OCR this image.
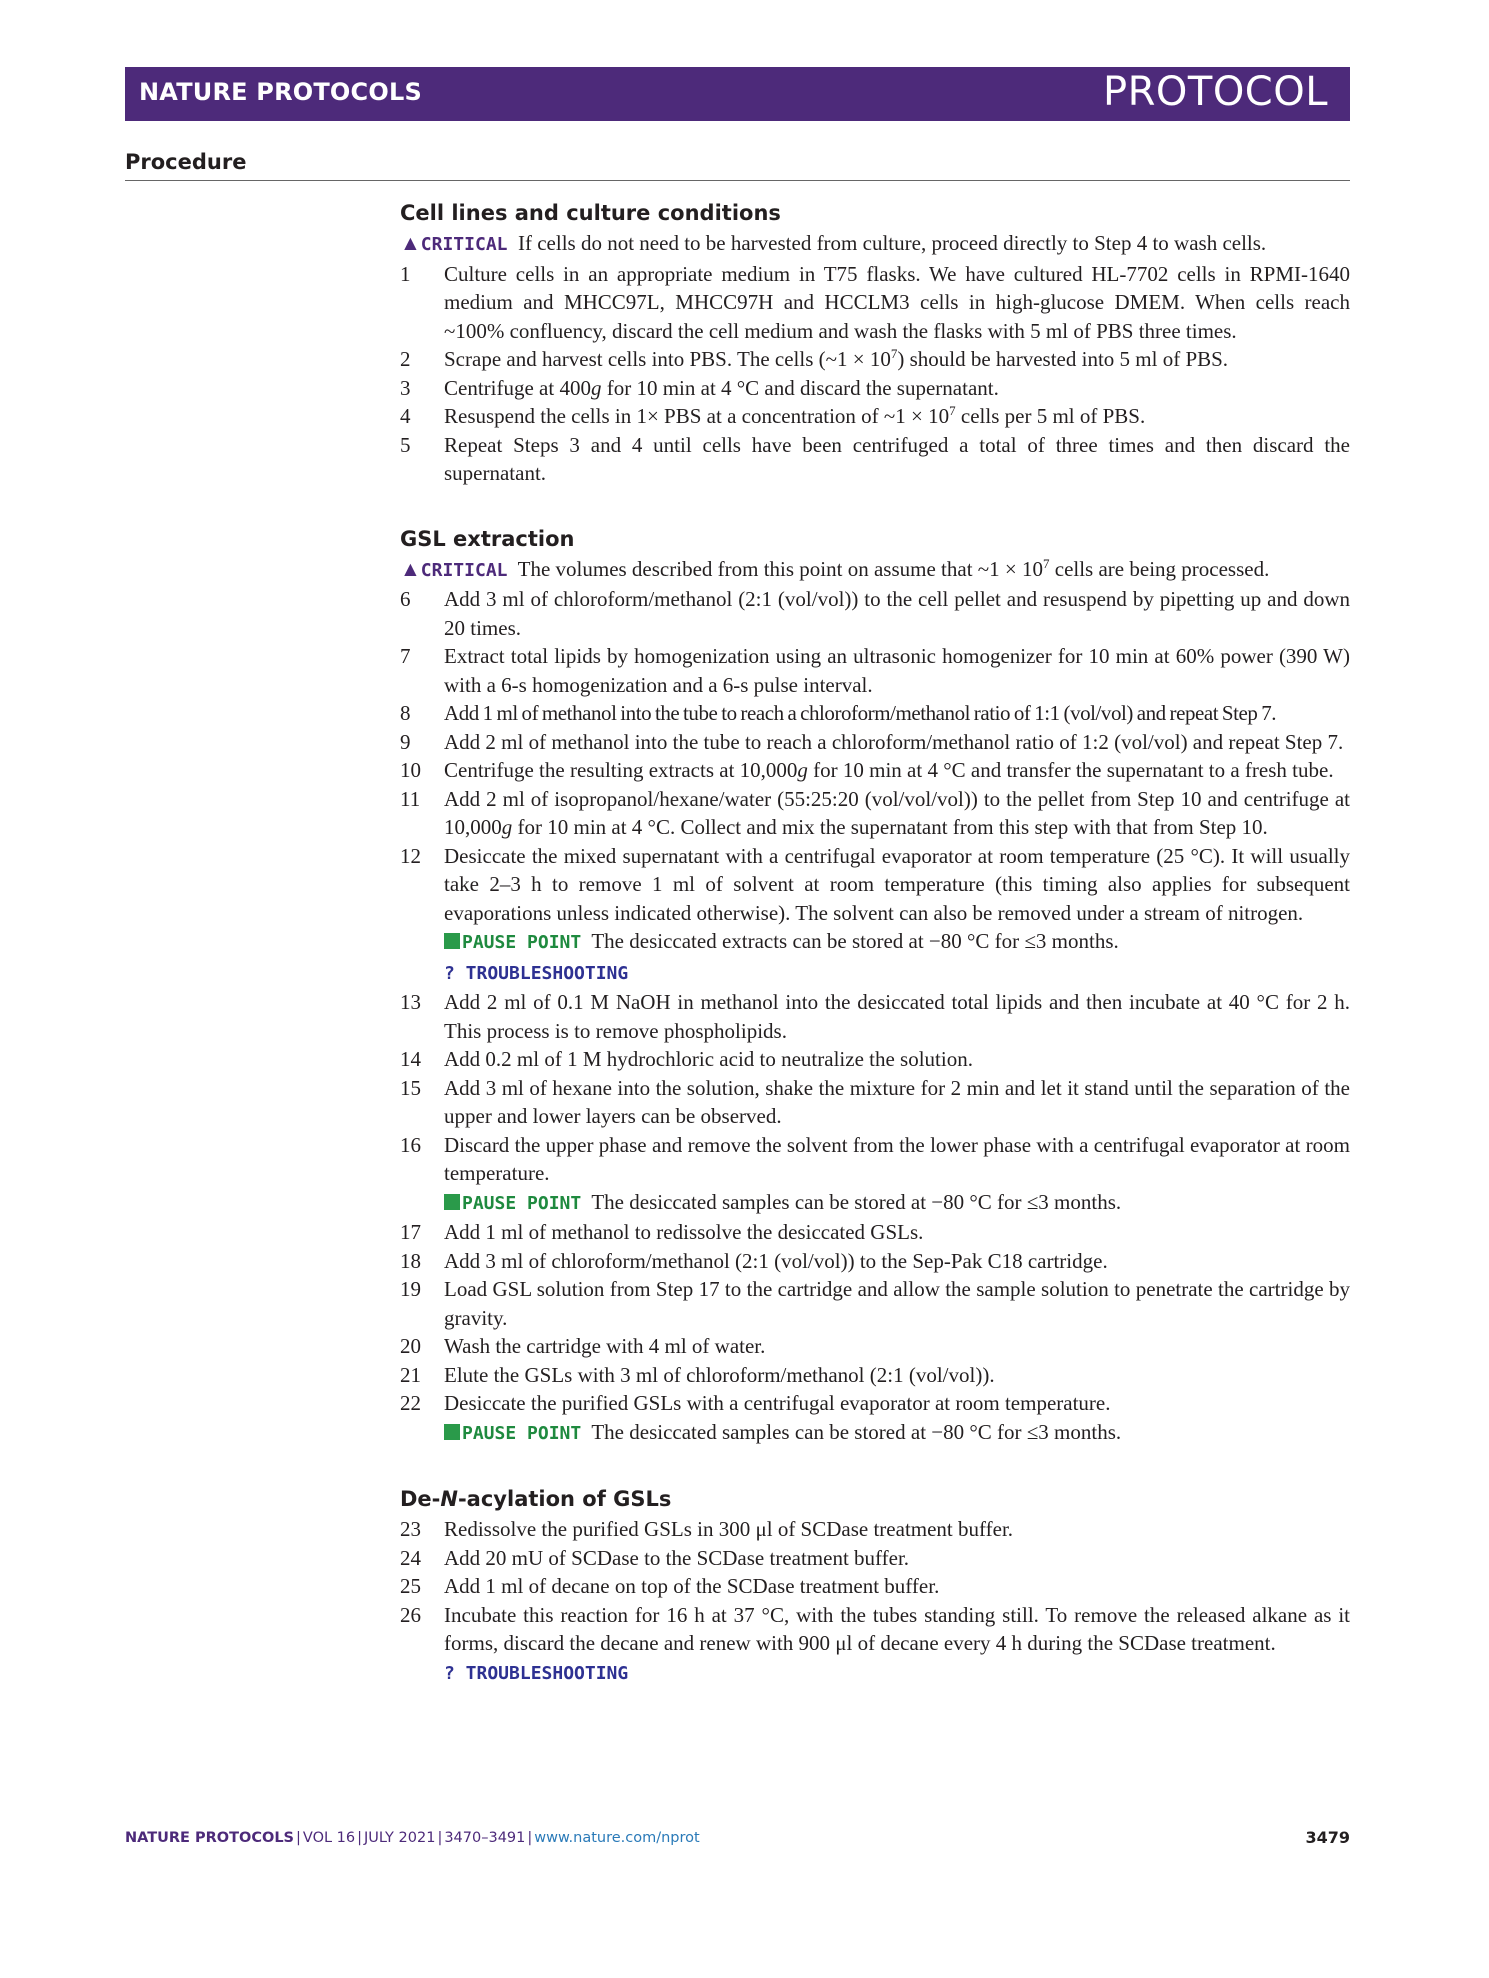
NATURE PROTOCOLS	PROTOCOL
Procedure
Cell lines and culture conditions
▲CRITICAL If cells do not need to be harvested from culture, proceed directly to Step 4 to wash cells.
1	Culture cells in an appropriate medium in T75 flasks. We have cultured HL-7702 cells in RPMI-1640 medium and MHCC97L, MHCC97H and HCCLM3 cells in high-glucose DMEM. When cells reach ~100% confluency, discard the cell medium and wash the flasks with 5 ml of PBS three times.
2	Scrape and harvest cells into PBS. The cells (~1 × $10^7$) should be harvested into 5 ml of PBS.
3	Centrifuge at 400g for 10 min at 4 °C and discard the supernatant.
4	Resuspend the cells in 1× PBS at a concentration of ~1 × $10^7$ cells per 5 ml of PBS.
5	Repeat Steps 3 and 4 until cells have been centrifuged a total of three times and then discard the supernatant.
GSL extraction
▲CRITICAL The volumes described from this point on assume that ~1 × $10^7$ cells are being processed.
6	Add 3 ml of chloroform/methanol (2:1 (vol/vol)) to the cell pellet and resuspend by pipetting up and down 20 times.
7	Extract total lipids by homogenization using an ultrasonic homogenizer for 10 min at 60% power (390 W) with a 6-s homogenization and a 6-s pulse interval.
8	Add 1 ml of methanol into the tube to reach a chloroform/methanol ratio of 1:1 (vol/vol) and repeat Step 7.
9	Add 2 ml of methanol into the tube to reach a chloroform/methanol ratio of 1:2 (vol/vol) and repeat Step 7.
10	Centrifuge the resulting extracts at 10,000g for 10 min at 4 °C and transfer the supernatant to a fresh tube.
11	Add 2 ml of isopropanol/hexane/water (55:25:20 (vol/vol/vol)) to the pellet from Step 10 and centrifuge at 10,000g for 10 min at 4 °C. Collect and mix the supernatant from this step with that from Step 10.
12	Desiccate the mixed supernatant with a centrifugal evaporator at room temperature (25 °C). It will usually take 2–3 h to remove 1 ml of solvent at room temperature (this timing also applies for subsequent evaporations unless indicated otherwise). The solvent can also be removed under a stream of nitrogen.
PAUSE POINT The desiccated extracts can be stored at −80 °C for ≤3 months.
? TROUBLESHOOTING
13	Add 2 ml of 0.1 M NaOH in methanol into the desiccated total lipids and then incubate at 40 °C for 2 h. This process is to remove phospholipids.
14	Add 0.2 ml of 1 M hydrochloric acid to neutralize the solution.
15	Add 3 ml of hexane into the solution, shake the mixture for 2 min and let it stand until the separation of the upper and lower layers can be observed.
16	Discard the upper phase and remove the solvent from the lower phase with a centrifugal evaporator at room temperature.
PAUSE POINT The desiccated samples can be stored at −80 °C for ≤3 months.
17	Add 1 ml of methanol to redissolve the desiccated GSLs.
18	Add 3 ml of chloroform/methanol (2:1 (vol/vol)) to the Sep-Pak C18 cartridge.
19	Load GSL solution from Step 17 to the cartridge and allow the sample solution to penetrate the cartridge by gravity.
20	Wash the cartridge with 4 ml of water.
21	Elute the GSLs with 3 ml of chloroform/methanol (2:1 (vol/vol)).
22	Desiccate the purified GSLs with a centrifugal evaporator at room temperature.
PAUSE POINT The desiccated samples can be stored at −80 °C for ≤3 months.
De-N-acylation of GSLs
23	Redissolve the purified GSLs in 300 μl of SCDase treatment buffer.
24	Add 20 mU of SCDase to the SCDase treatment buffer.
25	Add 1 ml of decane on top of the SCDase treatment buffer.
26	Incubate this reaction for 16 h at 37 °C, with the tubes standing still. To remove the released alkane as it forms, discard the decane and renew with 900 μl of decane every 4 h during the SCDase treatment.
? TROUBLESHOOTING
NATURE PROTOCOLS | VOL 16 | JULY 2021 | 3470–3491 | www.nature.com/nprot	3479
